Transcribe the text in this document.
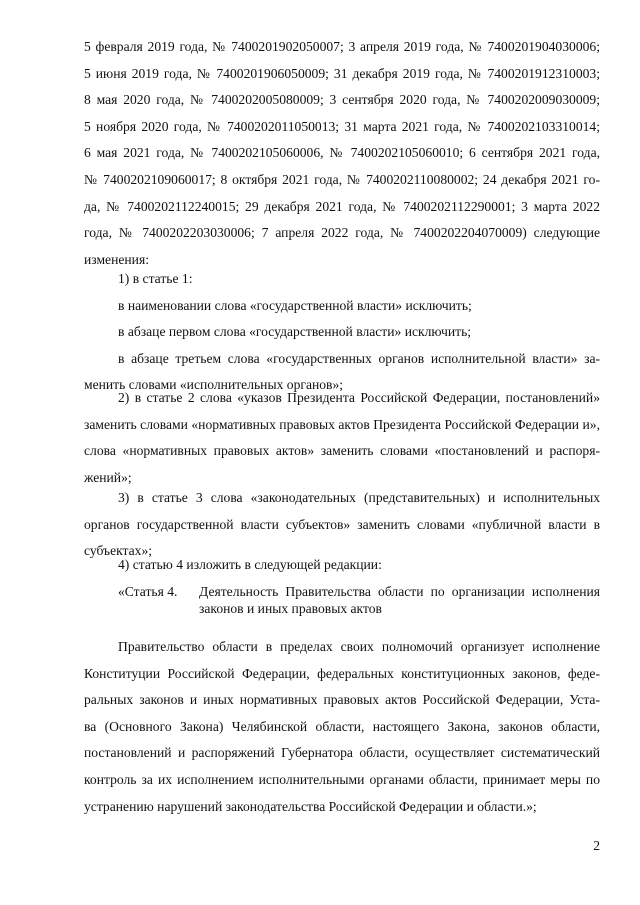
5 февраля 2019 года, № 7400201902050007; 3 апреля 2019 года, № 7400201904030006;
5 июня 2019 года, № 7400201906050009; 31 декабря 2019 года, № 7400201912310003;
8 мая 2020 года, № 7400202005080009; 3 сентября 2020 года, № 7400202009030009;
5 ноября 2020 года, № 7400202011050013; 31 марта 2021 года, № 7400202103310014;
6 мая 2021 года, № 7400202105060006, № 7400202105060010; 6 сентября 2021 года,
№ 7400202109060017; 8 октября 2021 года, № 7400202110080002; 24 декабря 2021 го-
да, № 7400202112240015; 29 декабря 2021 года, № 7400202112290001; 3 марта 2022
года, № 7400202203030006; 7 апреля 2022 года, № 7400202204070009) следующие
изменения:
1) в статье 1:
в наименовании слова «государственной власти» исключить;
в абзаце первом слова «государственной власти» исключить;
в абзаце третьем слова «государственных органов исполнительной власти» за-
менить словами «исполнительных органов»;
2) в статье 2 слова «указов Президента Российской Федерации, постановлений»
заменить словами «нормативных правовых актов Президента Российской Федерации и»,
слова «нормативных правовых актов» заменить словами «постановлений и распоря-
жений»;
3) в статье 3 слова «законодательных (представительных) и исполнительных
органов государственной власти субъектов» заменить словами «публичной власти в
субъектах»;
4) статью 4 изложить в следующей редакции:
«Статья 4. Деятельность Правительства области по организации исполнения
законов и иных правовых актов
Правительство области в пределах своих полномочий организует исполнение
Конституции Российской Федерации, федеральных конституционных законов, феде-
ральных законов и иных нормативных правовых актов Российской Федерации, Уста-
ва (Основного Закона) Челябинской области, настоящего Закона, законов области,
постановлений и распоряжений Губернатора области, осуществляет систематический
контроль за их исполнением исполнительными органами области, принимает меры по
устранению нарушений законодательства Российской Федерации и области.»;
2
